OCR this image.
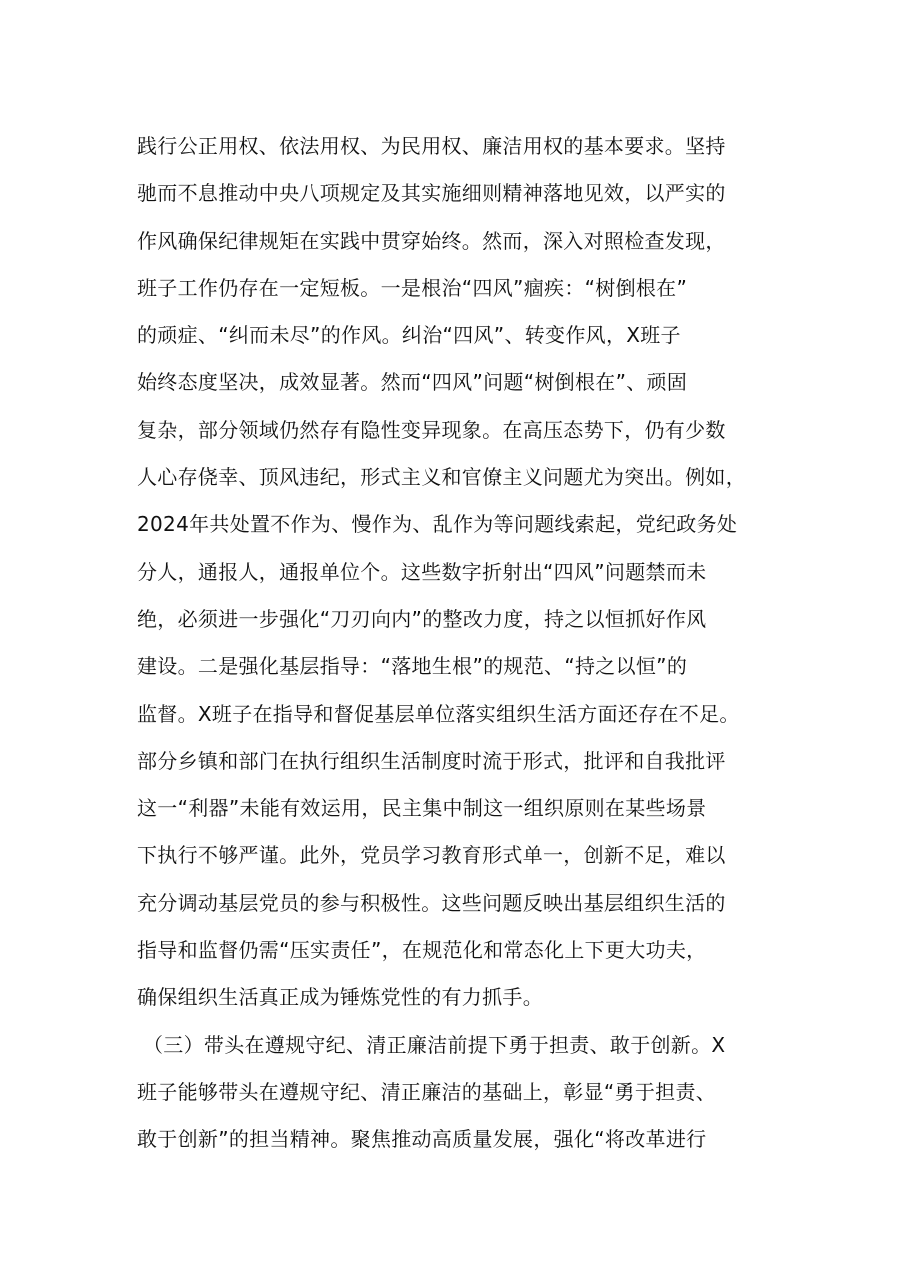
践行公正用权、依法用权、为民用权、廉洁用权的基本要求。坚持
驰而不息推动中央八项规定及其实施细则精神落地见效，以严实的
作风确保纪律规矩在实践中贯穿始终。然而，深入对照检查发现，
班子工作仍存在一定短板。一是根治“四风”痼疾：“树倒根在”
的顽症、“纠而未尽”的作风。纠治“四风”、转变作风，X班子
始终态度坚决，成效显著。然而“四风”问题“树倒根在”、顽固
复杂，部分领域仍然存有隐性变异现象。在高压态势下，仍有少数
人心存侥幸、顶风违纪，形式主义和官僚主义问题尤为突出。例如，
2024年共处置不作为、慢作为、乱作为等问题线索起，党纪政务处
分人，通报人，通报单位个。这些数字折射出“四风”问题禁而未
绝，必须进一步强化“刀刃向内”的整改力度，持之以恒抓好作风
建设。二是强化基层指导：“落地生根”的规范、“持之以恒”的
监督。X班子在指导和督促基层单位落实组织生活方面还存在不足。
部分乡镇和部门在执行组织生活制度时流于形式，批评和自我批评
这一“利器”未能有效运用，民主集中制这一组织原则在某些场景
下执行不够严谨。此外，党员学习教育形式单一，创新不足，难以
充分调动基层党员的参与积极性。这些问题反映出基层组织生活的
指导和监督仍需“压实责任”，在规范化和常态化上下更大功夫，
确保组织生活真正成为锤炼党性的有力抓手。
（三）带头在遵规守纪、清正廉洁前提下勇于担责、敢于创新。X
班子能够带头在遵规守纪、清正廉洁的基础上，彰显“勇于担责、
敢于创新”的担当精神。聚焦推动高质量发展，强化“将改革进行
